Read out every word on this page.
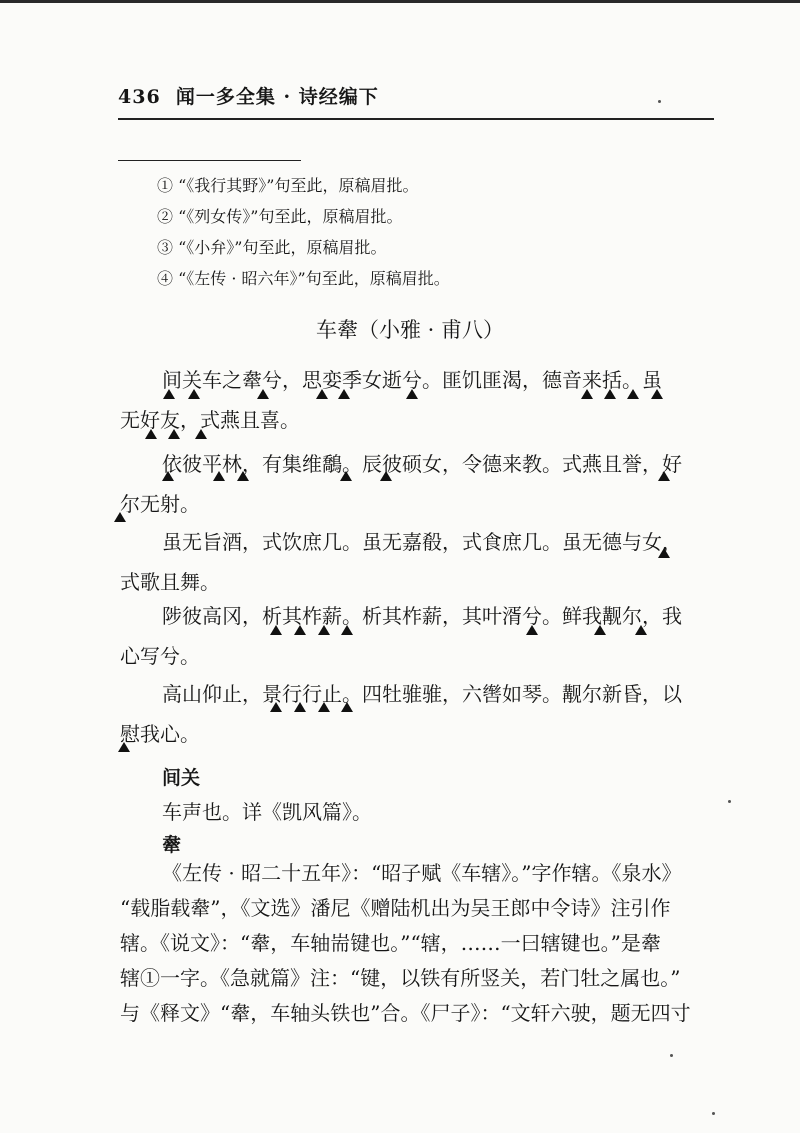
436 闻一多全集 · 诗经编下
① “《我行其野》”句至此，原稿眉批。
② “《列女传》”句至此，原稿眉批。
③ “《小弁》”句至此，原稿眉批。
④ “《左传 · 昭六年》”句至此，原稿眉批。
车舝（小雅 · 甫八）
间关车之舝兮，思娈季女逝兮。匪饥匪渴，德音来括。虽
无好友，式燕且喜。
依彼平林，有集维鷮。辰彼硕女，令德来教。式燕且誉，好
尔无射。
虽无旨酒，式饮庶几。虽无嘉殽，式食庶几。虽无德与女，
式歌且舞。
陟彼高冈，析其柞薪。析其柞薪，其叶湑兮。鲜我觏尔，我
心写兮。
高山仰止，景行行止。四牡骓骓，六辔如琴。觏尔新昏，以
慰我心。
间关
车声也。详《凯风篇》。
舝
《左传 · 昭二十五年》：“昭子赋《车辖》。”字作辖。《泉水》
“载脂载舝”，《文选》潘尼《赠陆机出为吴王郎中令诗》注引作
辖。《说文》：“舝，车轴耑键也。”“辖，……一曰辖键也。”是舝
辖①一字。《急就篇》注：“键，以铁有所竖关，若门牡之属也。”
与《释文》“舝，车轴头铁也”合。《尸子》：“文轩六驶，题无四寸
